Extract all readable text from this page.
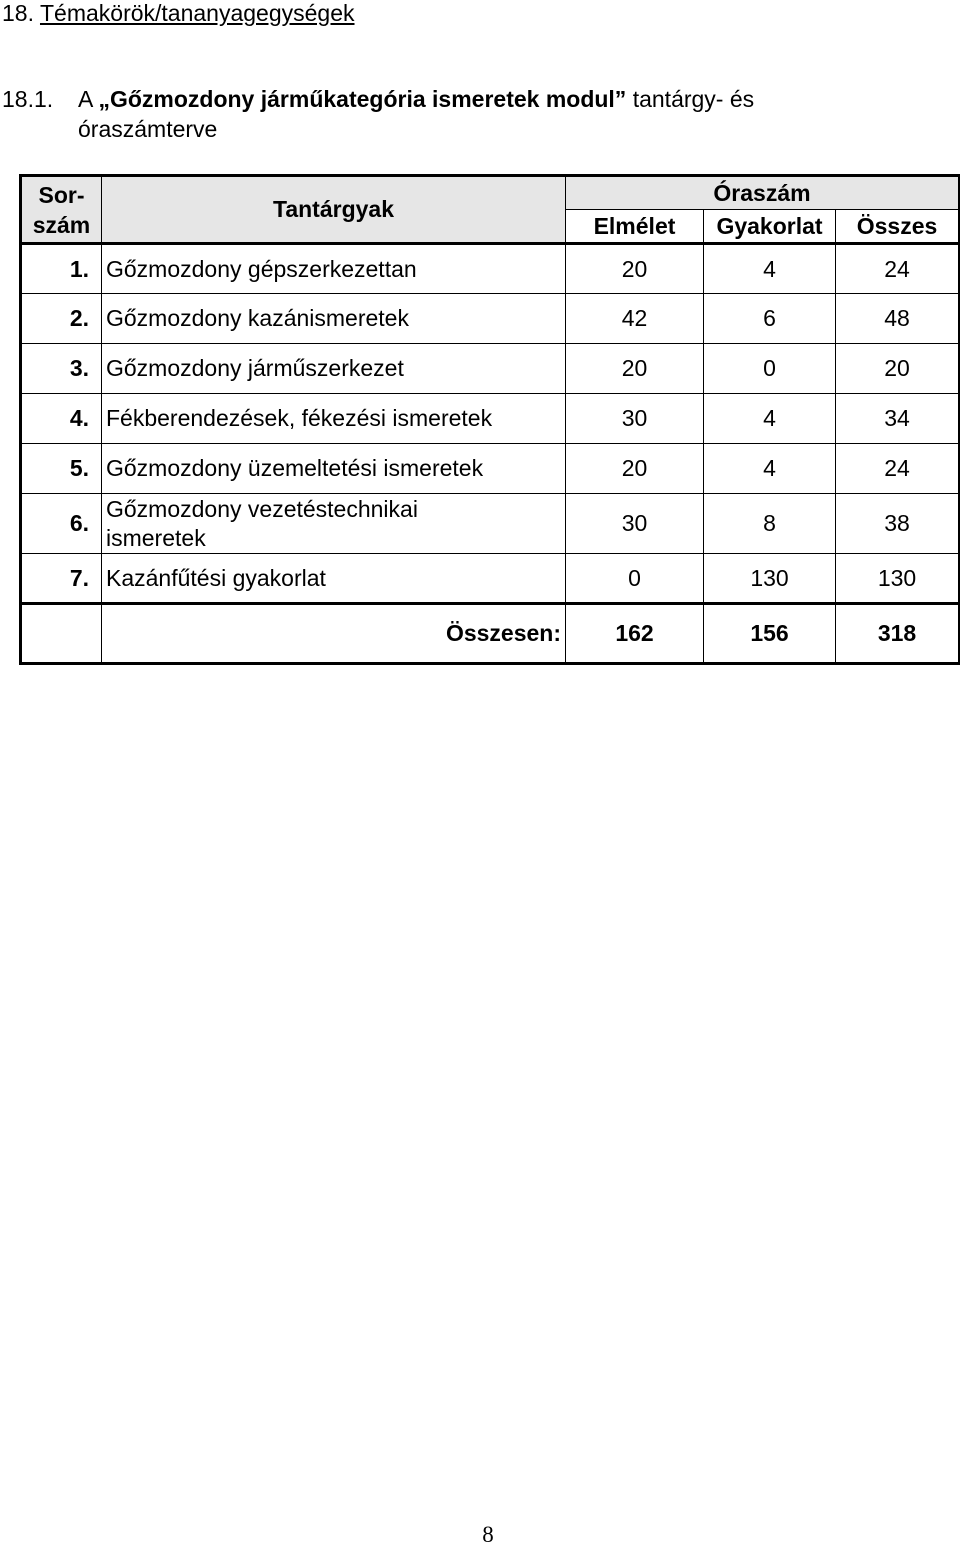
18. Témakörök/tananyagegységek
18.1. A „Gőzmozdony járműkategória ismeretek modul” tantárgy- és
óraszámterve
Sor-
szám	Tantárgyak	Óraszám		
		Elmélet	Gyakorlat	Összes
1.	Gőzmozdony gépszerkezettan	20	4	24
2.	Gőzmozdony kazánismeretek	42	6	48
3.	Gőzmozdony járműszerkezet	20	0	20
4.	Fékberendezések, fékezési ismeretek	30	4	34
5.	Gőzmozdony üzemeltetési ismeretek	20	4	24
6.	Gőzmozdony vezetéstechnikai
ismeretek	30	8	38
7.	Kazánfűtési gyakorlat	0	130	130
	Összesen:	162	156	318
8
